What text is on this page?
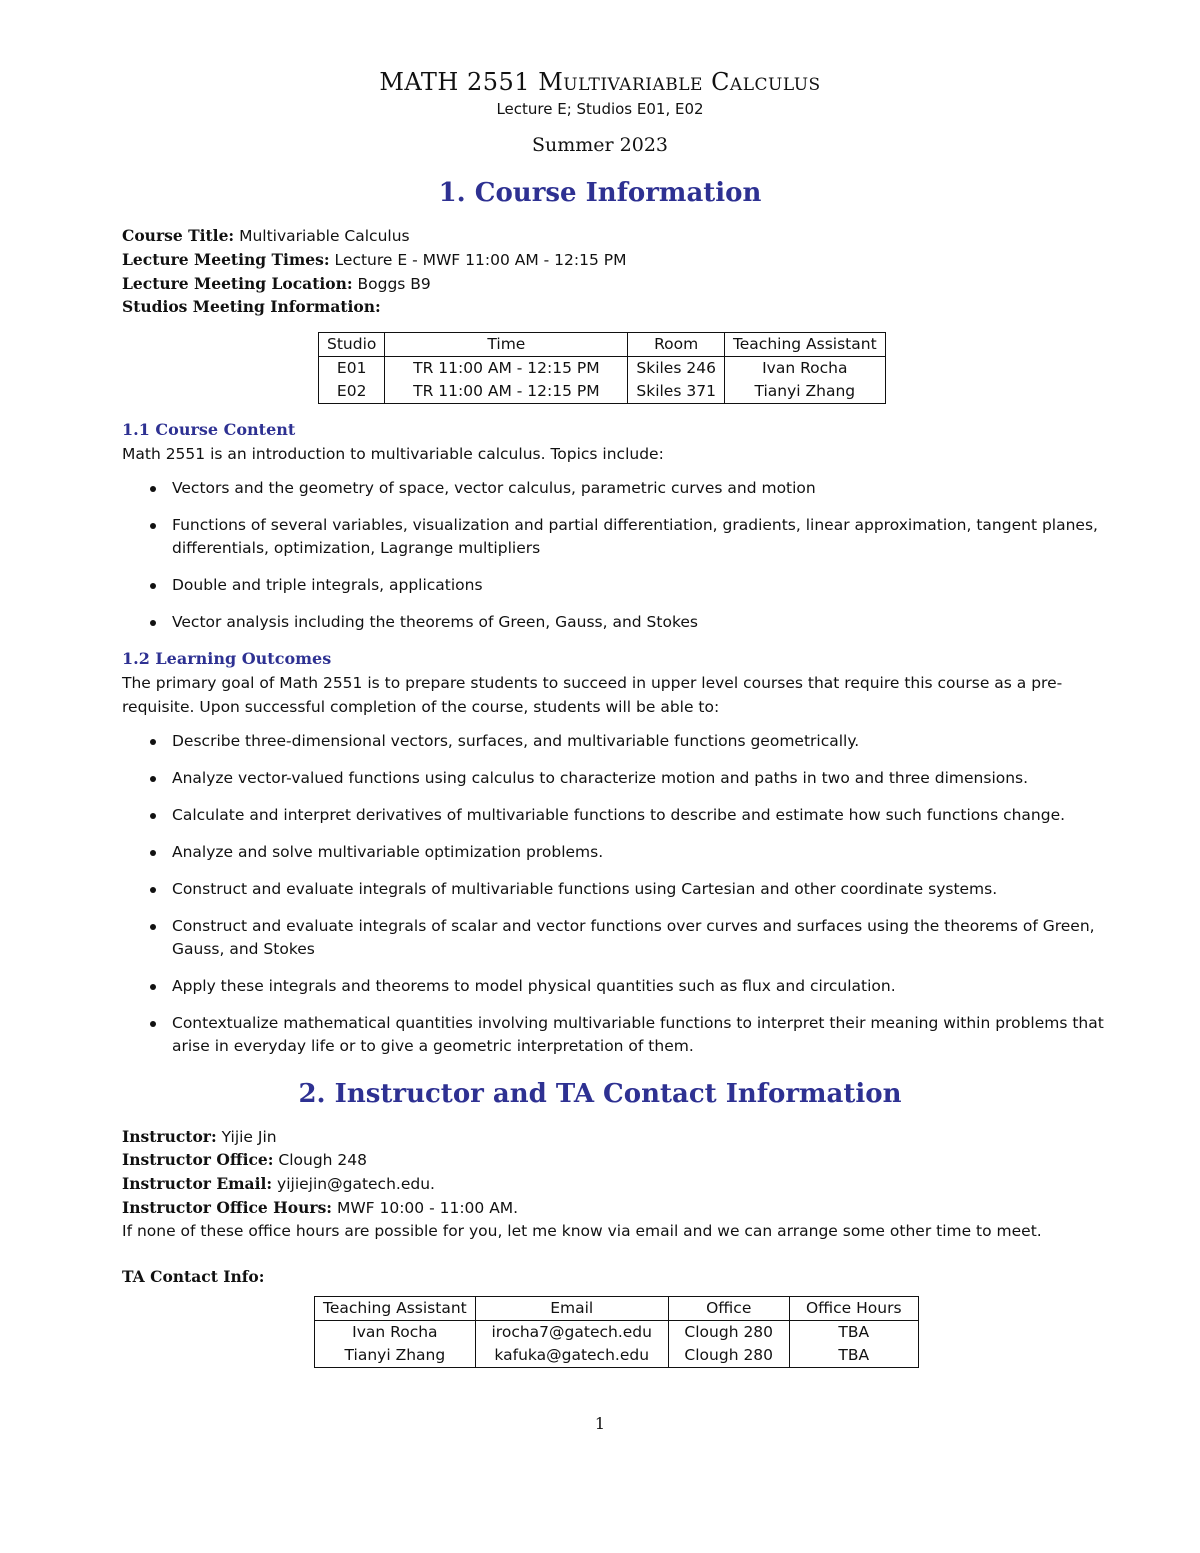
MATH 2551 Multivariable Calculus
Lecture E; Studios E01, E02
Summer 2023
1. Course Information
Course Title: Multivariable Calculus
Lecture Meeting Times: Lecture E - MWF 11:00 AM - 12:15 PM
Lecture Meeting Location: Boggs B9
Studios Meeting Information:
Studio	Time	Room	Teaching Assistant
E01	TR 11:00 AM - 12:15 PM	Skiles 246	Ivan Rocha
E02	TR 11:00 AM - 12:15 PM	Skiles 371	Tianyi Zhang
1.1 Course Content
Math 2551 is an introduction to multivariable calculus. Topics include:
Vectors and the geometry of space, vector calculus, parametric curves and motion
Functions of several variables, visualization and partial differentiation, gradients, linear approximation, tangent planes, differentials, optimization, Lagrange multipliers
Double and triple integrals, applications
Vector analysis including the theorems of Green, Gauss, and Stokes
1.2 Learning Outcomes
The primary goal of Math 2551 is to prepare students to succeed in upper level courses that require this course as a pre-requisite. Upon successful completion of the course, students will be able to:
Describe three-dimensional vectors, surfaces, and multivariable functions geometrically.
Analyze vector-valued functions using calculus to characterize motion and paths in two and three dimensions.
Calculate and interpret derivatives of multivariable functions to describe and estimate how such functions change.
Analyze and solve multivariable optimization problems.
Construct and evaluate integrals of multivariable functions using Cartesian and other coordinate systems.
Construct and evaluate integrals of scalar and vector functions over curves and surfaces using the theorems of Green, Gauss, and Stokes
Apply these integrals and theorems to model physical quantities such as flux and circulation.
Contextualize mathematical quantities involving multivariable functions to interpret their meaning within problems that arise in everyday life or to give a geometric interpretation of them.
2. Instructor and TA Contact Information
Instructor: Yijie Jin
Instructor Office: Clough 248
Instructor Email: yijiejin@gatech.edu.
Instructor Office Hours: MWF 10:00 - 11:00 AM.
If none of these office hours are possible for you, let me know via email and we can arrange some other time to meet.
TA Contact Info:
Teaching Assistant	Email	Office	Office Hours
Ivan Rocha	irocha7@gatech.edu	Clough 280	TBA
Tianyi Zhang	kafuka@gatech.edu	Clough 280	TBA
1
